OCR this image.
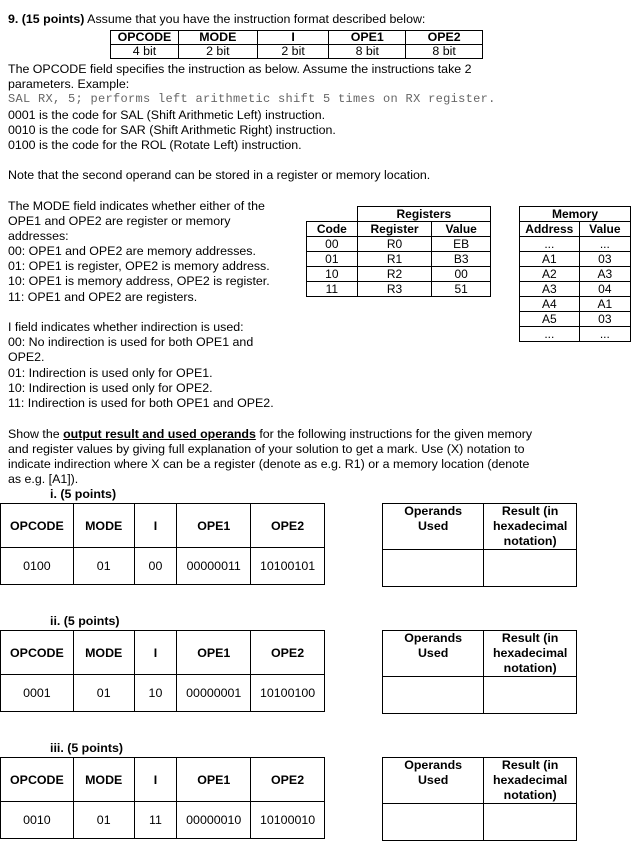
9. (15 points) Assume that you have the instruction format described below:
OPCODE	MODE	I	OPE1	OPE2
4 bit	2 bit	2 bit	8 bit	8 bit
The OPCODE field specifies the instruction as below. Assume the instructions take 2
parameters. Example:
SAL RX, 5; performs left arithmetic shift 5 times on RX register.
0001 is the code for SAL (Shift Arithmetic Left) instruction.
0010 is the code for SAR (Shift Arithmetic Right) instruction.
0100 is the code for the ROL (Rotate Left) instruction.
Note that the second operand can be stored in a register or memory location.
The MODE field indicates whether either of the
OPE1 and OPE2 are register or memory
addresses:
00: OPE1 and OPE2 are memory addresses.
01: OPE1 is register, OPE2 is memory address.
10: OPE1 is memory address, OPE2 is register.
11: OPE1 and OPE2 are registers.
I field indicates whether indirection is used:
00: No indirection is used for both OPE1 and
OPE2.
01: Indirection is used only for OPE1.
10: Indirection is used only for OPE2.
11: Indirection is used for both OPE1 and OPE2.
	Registers	
Code	Register	Value
00	R0	EB
01	R1	B3
10	R2	00
11	R3	51
Memory	
Address	Value
...	...
A1	03
A2	A3
A3	04
A4	A1
A5	03
...	...
Show the output result and used operands for the following instructions for the given memory
and register values by giving full explanation of your solution to get a mark. Use (X) notation to
indicate indirection where X can be a register (denote as e.g. R1) or a memory location (denote
as e.g. [A1]).
i. (5 points)
OPCODE	MODE	I	OPE1	OPE2
0100	01	00	00000011	10100101
Operands
Used	Result (in
hexadecimal
notation)

ii. (5 points)
OPCODE	MODE	I	OPE1	OPE2
0001	01	10	00000001	10100100
Operands
Used	Result (in
hexadecimal
notation)

iii. (5 points)
OPCODE	MODE	I	OPE1	OPE2
0010	01	11	00000010	10100010
Operands
Used	Result (in
hexadecimal
notation)
